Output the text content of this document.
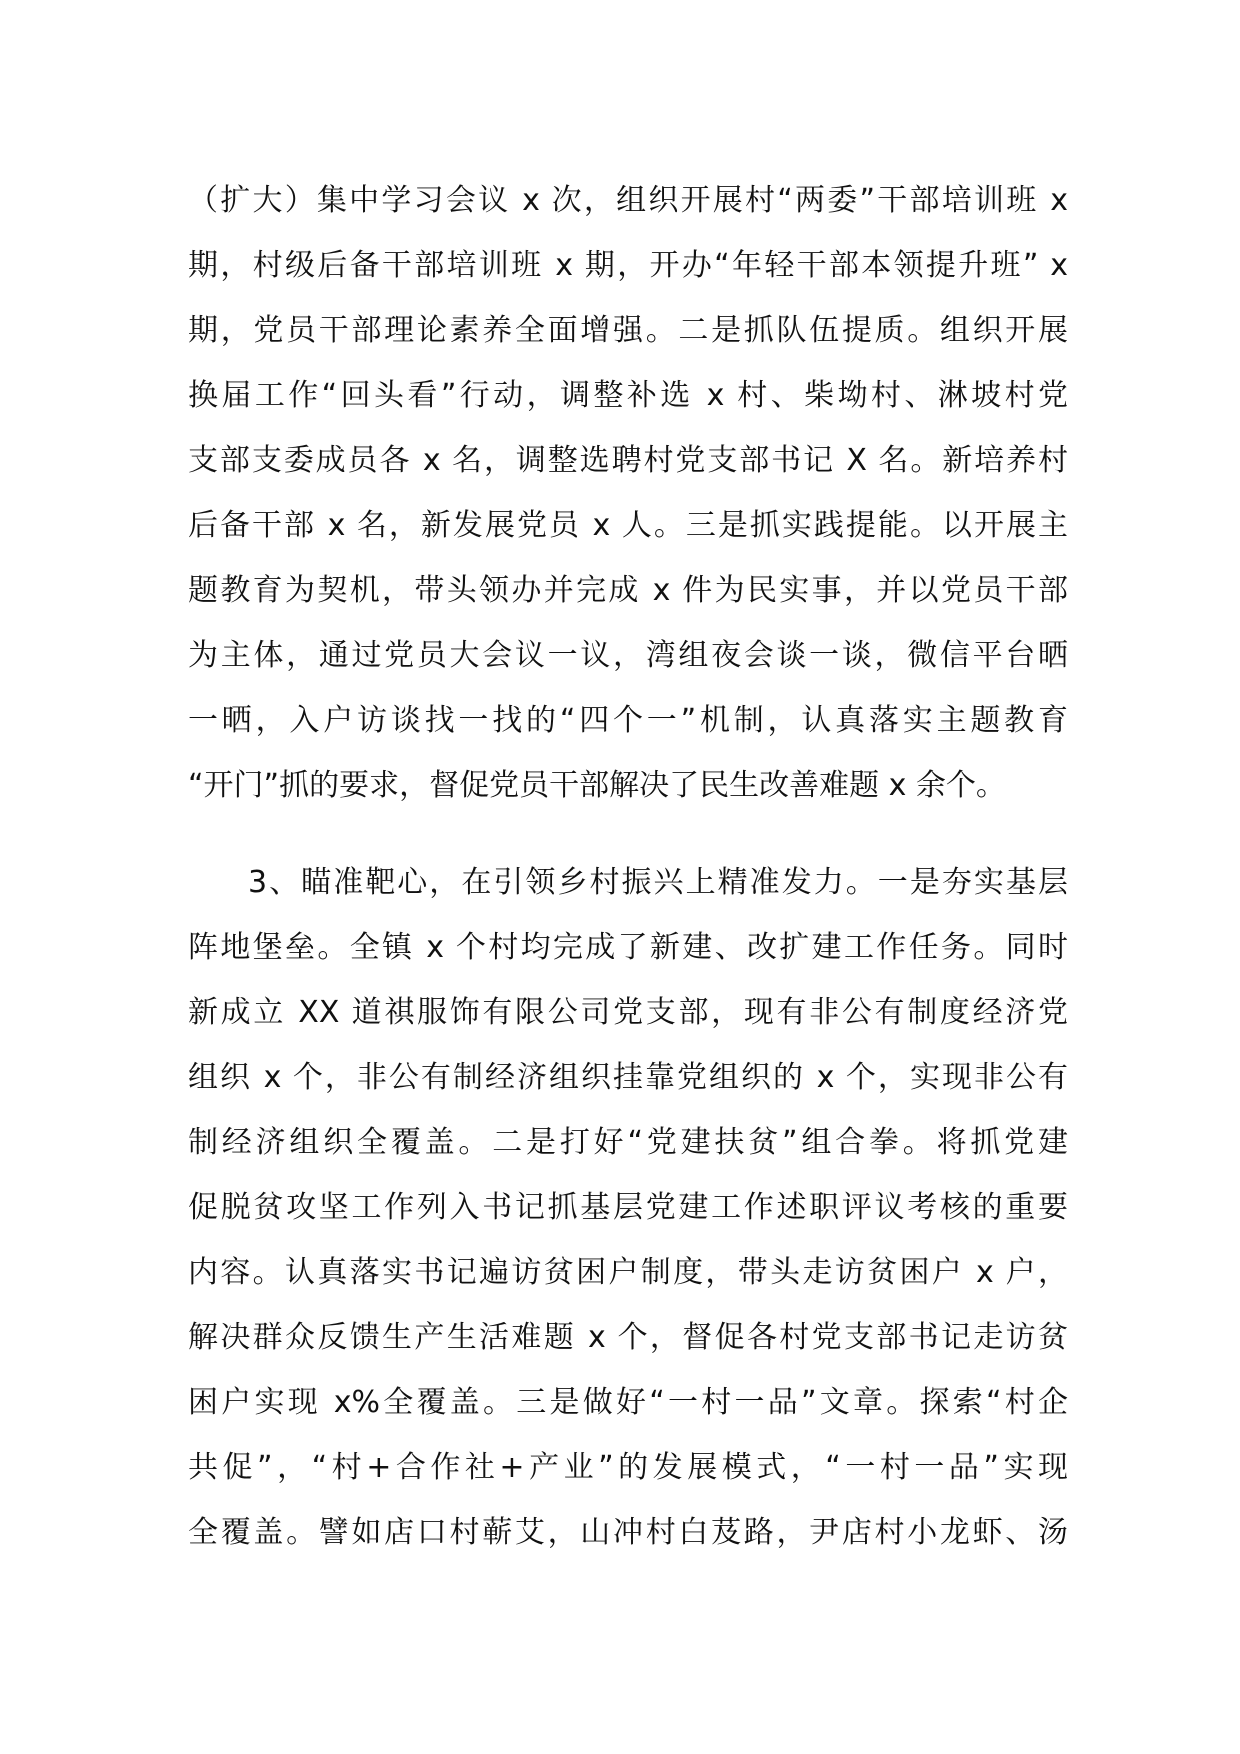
（扩大）集中学习会议 x 次，组织开展村“两委”干部培训班 x
期，村级后备干部培训班 x 期，开办“年轻干部本领提升班” x
期，党员干部理论素养全面增强。二是抓队伍提质。组织开展
换届工作“回头看”行动，调整补选 x 村、柴坳村、淋坡村党
支部支委成员各 x 名，调整选聘村党支部书记 X 名。新培养村
后备干部 x 名，新发展党员 x 人。三是抓实践提能。以开展主
题教育为契机，带头领办并完成 x 件为民实事，并以党员干部
为主体，通过党员大会议一议，湾组夜会谈一谈，微信平台晒
一晒，入户访谈找一找的“四个一”机制，认真落实主题教育
“开门”抓的要求，督促党员干部解决了民生改善难题 x 余个。
3、瞄准靶心，在引领乡村振兴上精准发力。一是夯实基层
阵地堡垒。全镇 x 个村均完成了新建、改扩建工作任务。同时
新成立 XX 道祺服饰有限公司党支部，现有非公有制度经济党
组织 x 个，非公有制经济组织挂靠党组织的 x 个，实现非公有
制经济组织全覆盖。二是打好“党建扶贫”组合拳。将抓党建
促脱贫攻坚工作列入书记抓基层党建工作述职评议考核的重要
内容。认真落实书记遍访贫困户制度，带头走访贫困户 x 户，
解决群众反馈生产生活难题 x 个，督促各村党支部书记走访贫
困户实现 x%全覆盖。三是做好“一村一品”文章。探索“村企
共促”，“村+合作社+产业”的发展模式，“一村一品”实现
全覆盖。譬如店口村蕲艾，山冲村白芨路，尹店村小龙虾、汤
